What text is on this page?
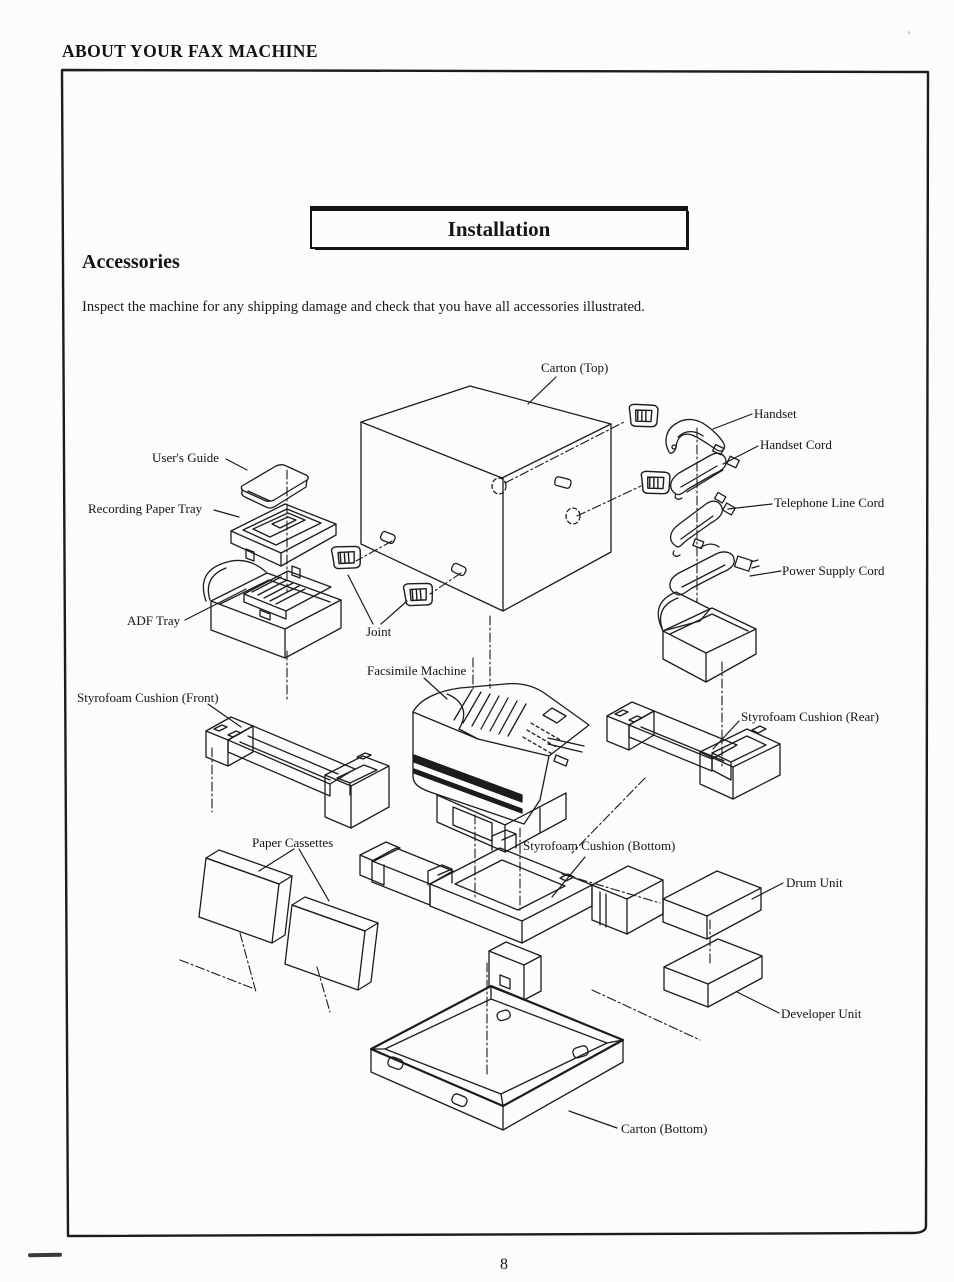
ABOUT YOUR FAX MACHINE
'
Installation
Accessories

Inspect the machine for any shipping damage and check that you have all accessories illustrated.

Carton (Top)
Handset
Handset Cord
Telephone Line Cord
Power Supply Cord
User's Guide
Recording Paper Tray
ADF Tray
Joint
Facsimile Machine
Styrofoam Cushion (Front)
Styrofoam Cushion (Rear)
Paper Cassettes	Styrofoam Cushion (Bottom)
Drum Unit
Developer Unit
Carton (Bottom)
8
